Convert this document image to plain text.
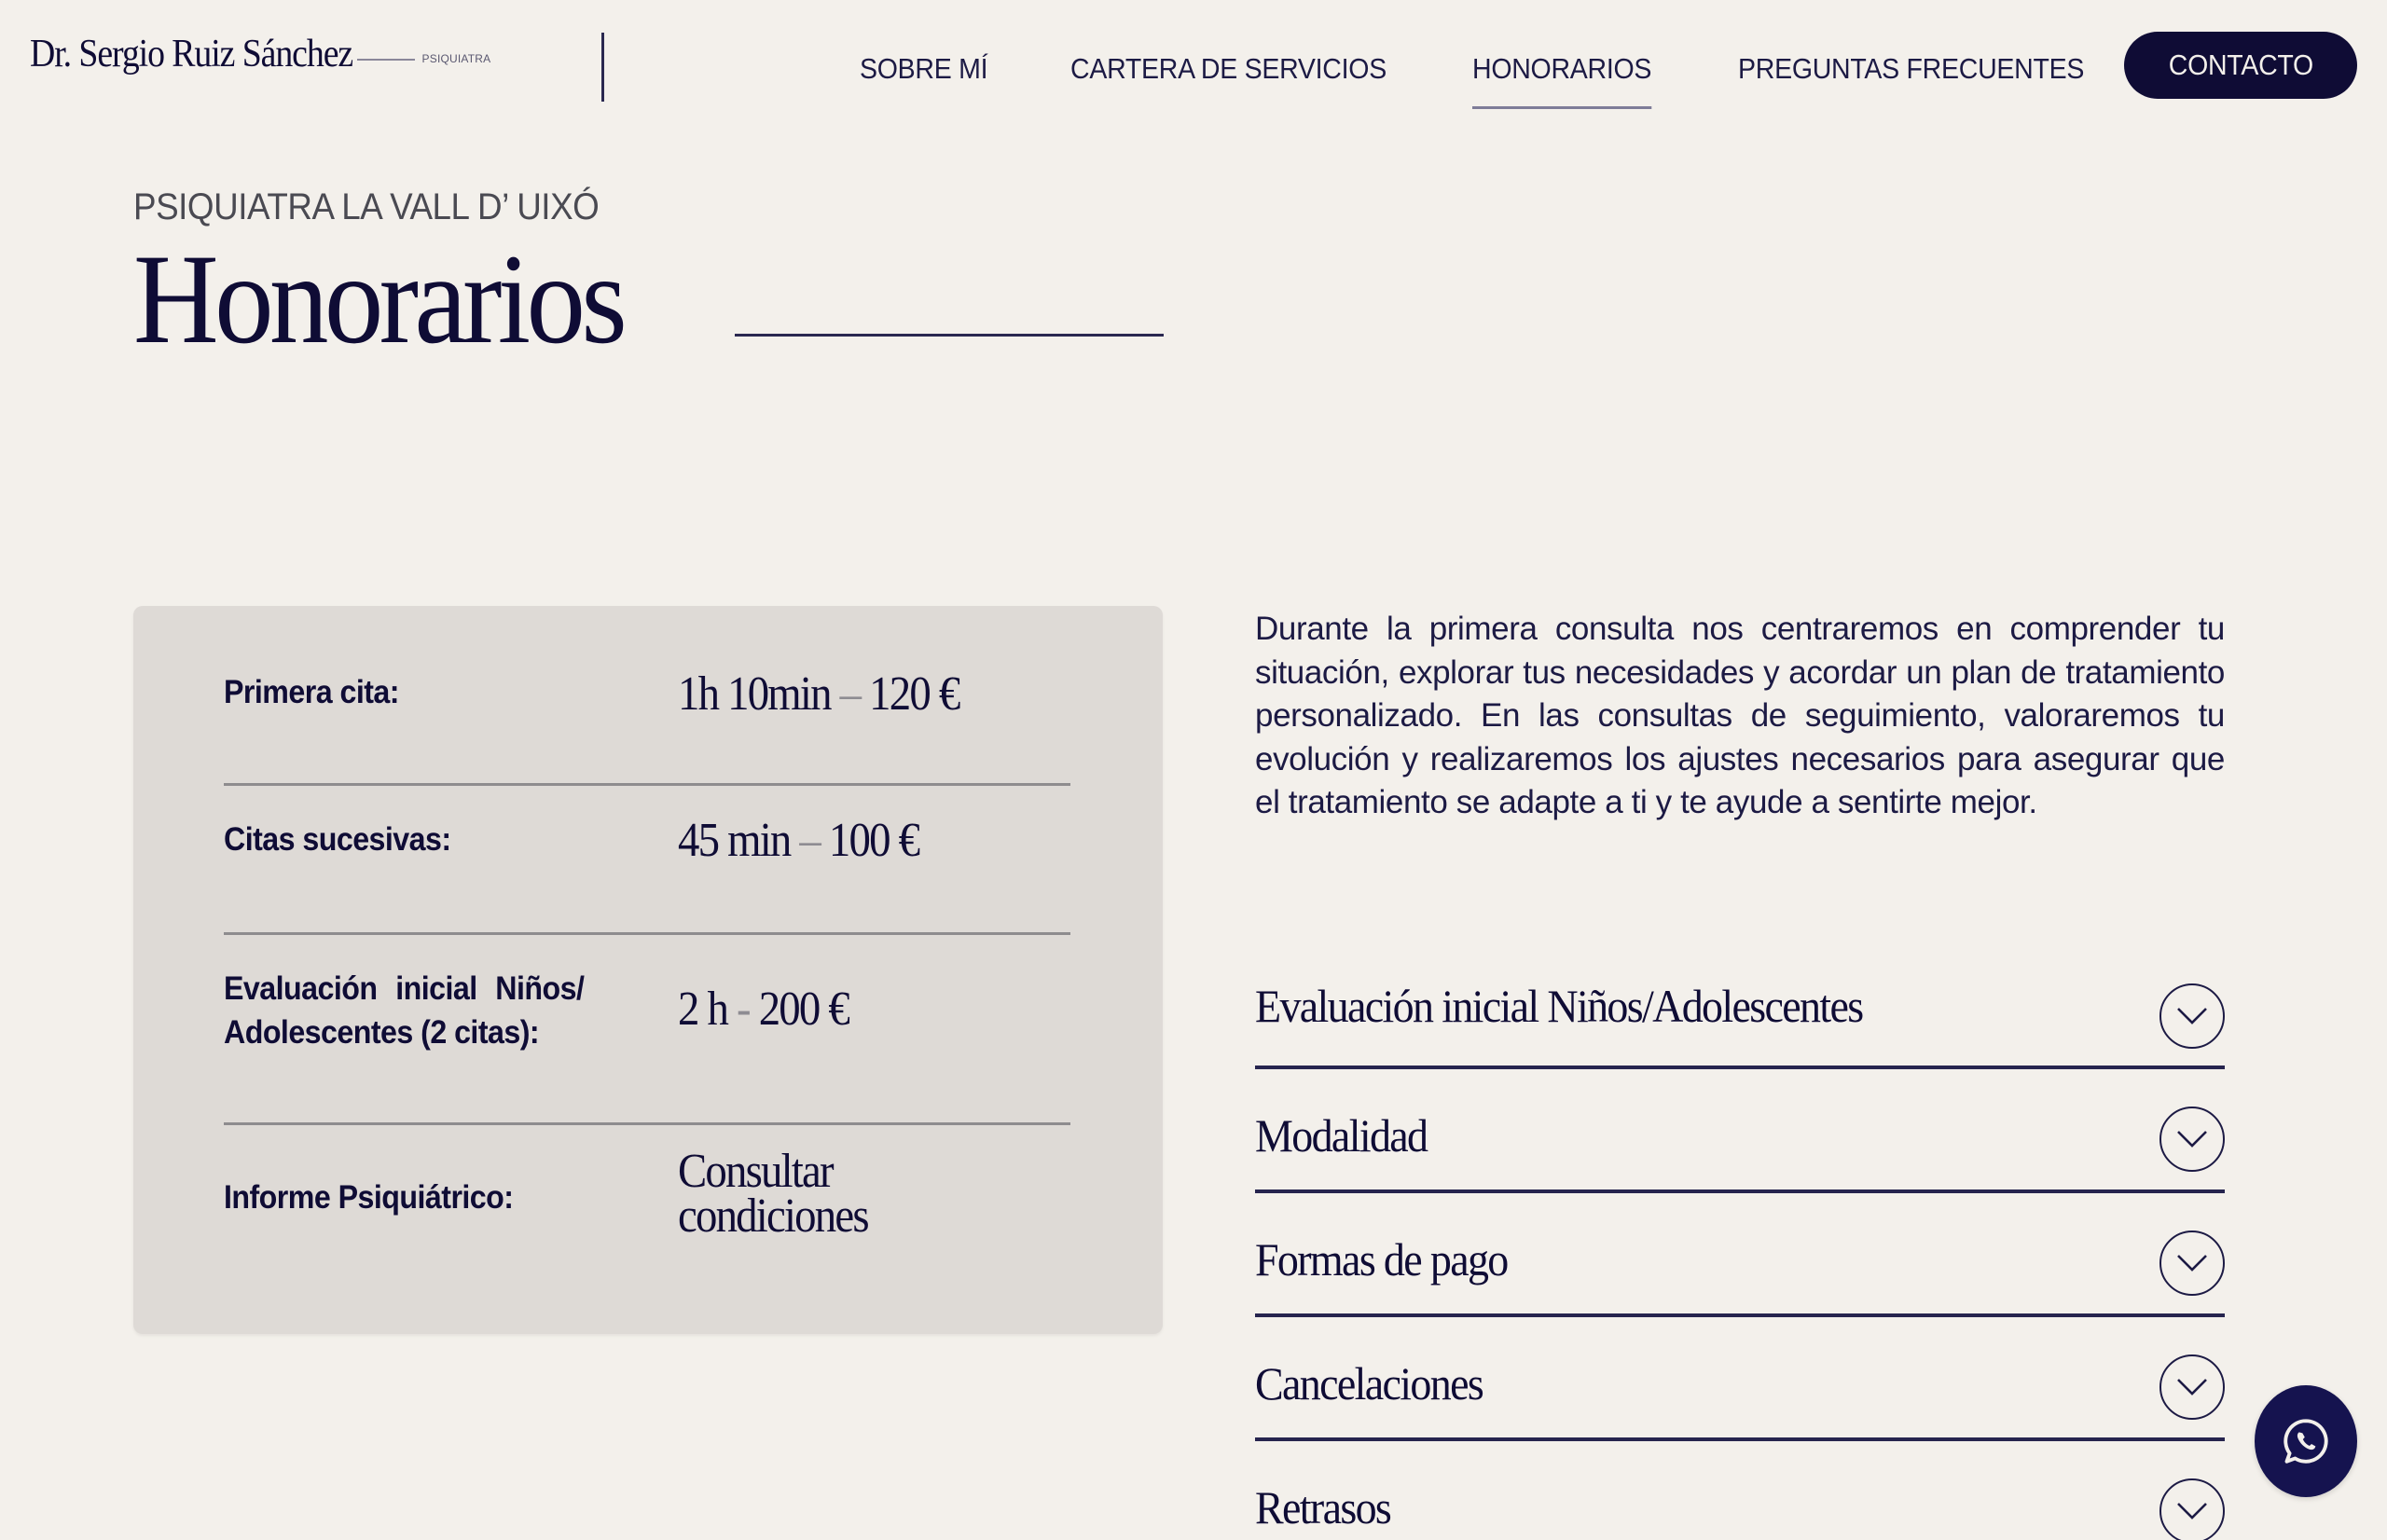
Dr. Sergio Ruiz Sánchez	PSIQUIATRA	SOBRE MÍ	CARTERA DE SERVICIOS	HONORARIOS	PREGUNTAS FRECUENTES	CONTACTO
PSIQUIATRA LA VALL D’ UIXÓ
Honorarios
Primera cita:	1h 10min – 120 €
Citas sucesivas:	45 min – 100 €
Evaluación inicial Niños/ Adolescentes (2 citas):	2 h - 200 €
Informe Psiquiátrico:	Consultar
condiciones

Durante la primera consulta nos centraremos en comprender tu situación, explorar tus necesidades y acordar un plan de tratamiento personalizado. En las consultas de seguimiento, valoraremos tu evolución y realizaremos los ajustes necesarios para asegurar que el tratamiento se adapte a ti y te ayude a sentirte mejor.

Evaluación inicial Niños/Adolescentes
Modalidad
Formas de pago
Cancelaciones
Retrasos
